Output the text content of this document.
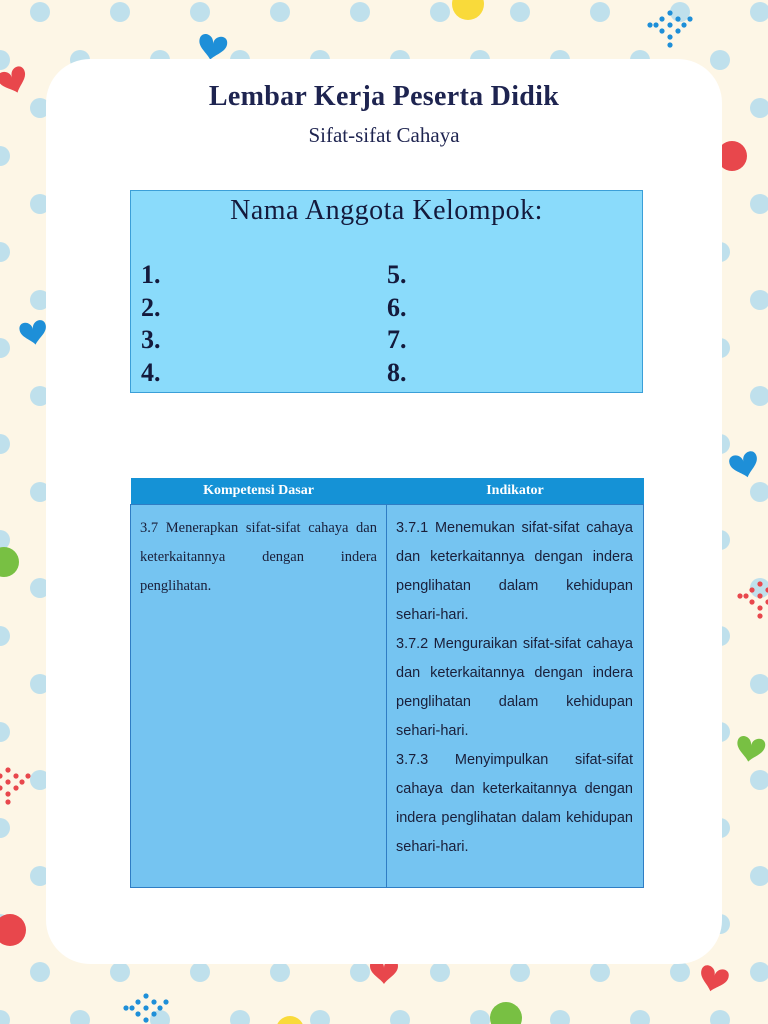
Lembar Kerja Peserta Didik
Sifat-sifat Cahaya
Nama Anggota Kelompok:
1.
2.
3.
4.
5.
6.
7.
8.
Kompetensi Dasar	Indikator

3.7 Menerapkan sifat-sifat cahaya dan keterkaitannya dengan indera penglihatan.	3.7.1 Menemukan sifat-sifat cahaya dan keterkaitannya dengan indera penglihatan dalam kehidupan sehari-hari.
3.7.2 Menguraikan sifat-sifat cahaya dan keterkaitannya dengan indera penglihatan dalam kehidupan sehari-hari.
3.7.3 Menyimpulkan sifat-sifat cahaya dan keterkaitannya dengan indera penglihatan dalam kehidupan sehari-hari.
